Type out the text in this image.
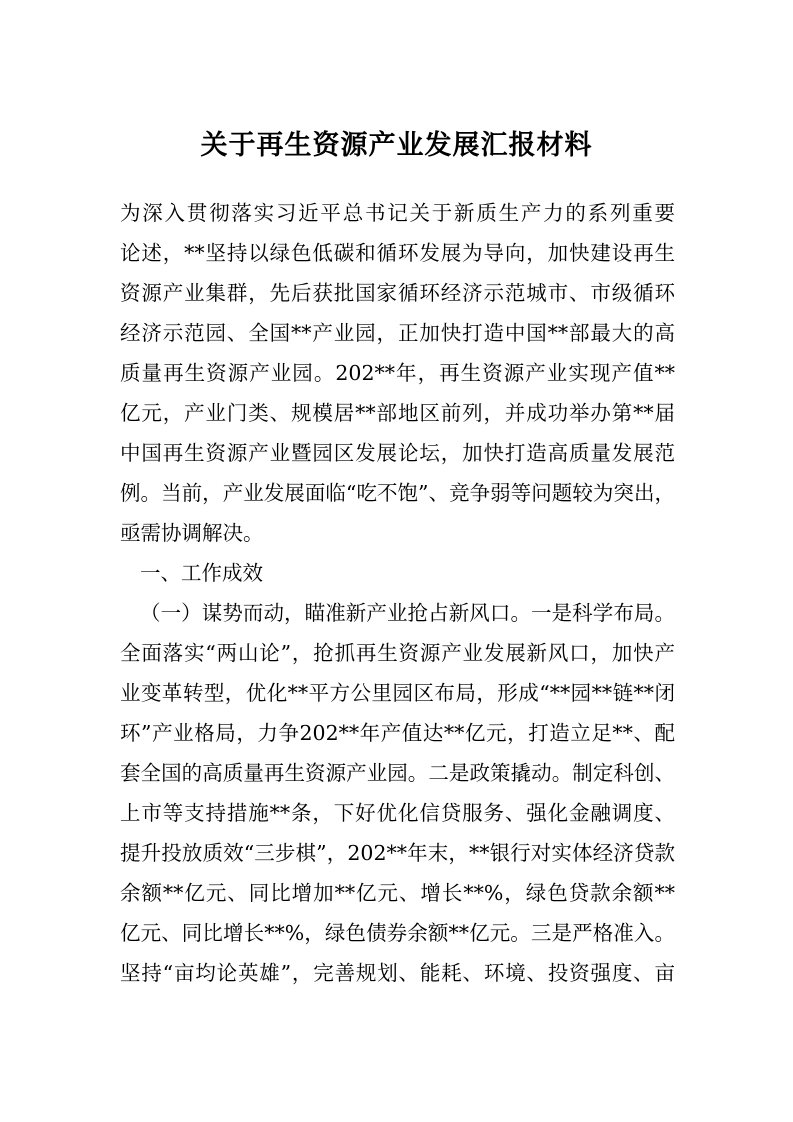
关于再生资源产业发展汇报材料
为深入贯彻落实习近平总书记关于新质生产力的系列重要
论述，**坚持以绿色低碳和循环发展为导向，加快建设再生
资源产业集群，先后获批国家循环经济示范城市、市级循环
经济示范园、全国**产业园，正加快打造中国**部最大的高
质量再生资源产业园。202**年，再生资源产业实现产值**
亿元，产业门类、规模居**部地区前列，并成功举办第**届
中国再生资源产业暨园区发展论坛，加快打造高质量发展范
例。当前，产业发展面临“吃不饱”、竞争弱等问题较为突出，
亟需协调解决。
一、工作成效
（一）谋势而动，瞄准新产业抢占新风口。一是科学布局。
全面落实“两山论”，抢抓再生资源产业发展新风口，加快产
业变革转型，优化**平方公里园区布局，形成“**园**链**闭
环”产业格局，力争202**年产值达**亿元，打造立足**、配
套全国的高质量再生资源产业园。二是政策撬动。制定科创、
上市等支持措施**条，下好优化信贷服务、强化金融调度、
提升投放质效“三步棋”，202**年末，**银行对实体经济贷款
余额**亿元、同比增加**亿元、增长**%，绿色贷款余额**
亿元、同比增长**%，绿色债券余额**亿元。三是严格准入。
坚持“亩均论英雄”，完善规划、能耗、环境、投资强度、亩
